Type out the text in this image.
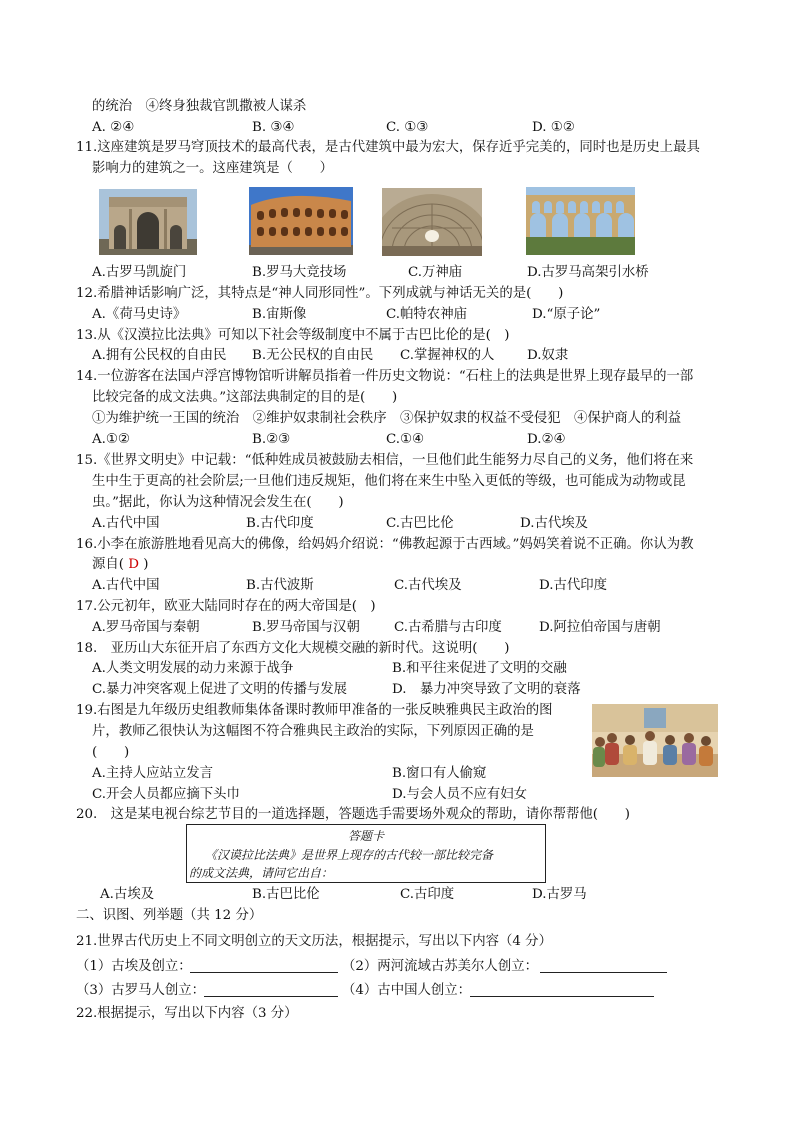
的统治　④终身独裁官凯撒被人谋杀
A. ②④	B. ③④	C. ①③	D. ①②
11.这座建筑是罗马穹顶技术的最高代表，是古代建筑中最为宏大，保存近乎完美的，同时也是历史上最具
影响力的建筑之一。这座建筑是（　　）
A.古罗马凯旋门	B.罗马大竞技场	C.万神庙	D.古罗马高架引水桥
12.希腊神话影响广泛，其特点是“神人同形同性”。下列成就与神话无关的是(　　)
A.《荷马史诗》	B.宙斯像	C.帕特农神庙	D.“原子论”
13.从《汉漠拉比法典》可知以下社会等级制度中不属于古巴比伦的是(　)
A.拥有公民权的自由民 B.无公民权的自由民 C.掌握神权的人 D.奴隶
14.一位游客在法国卢浮宫博物馆听讲解员指着一件历史文物说：“石柱上的法典是世界上现存最早的一部
比较完备的成文法典。”这部法典制定的目的是(　　)
①为维护统一王国的统治　②维护奴隶制社会秩序　③保护奴隶的权益不受侵犯　④保护商人的利益
A.①②	B.②③	C.①④	D.②④
15.《世界文明史》中记载：“低种姓成员被鼓励去相信，一旦他们此生能努力尽自己的义务，他们将在来
生中生于更高的社会阶层;一旦他们违反规矩，他们将在来生中坠入更低的等级，也可能成为动物或昆
虫。”据此，你认为这种情况会发生在(　　)
A.古代中国	B.古代印度	C.古巴比伦	D.古代埃及
16.小李在旅游胜地看见高大的佛像，给妈妈介绍说：“佛教起源于古西域。”妈妈笑着说不正确。你认为教
源自( D )
A.古代中国	B.古代波斯	C.古代埃及	D.古代印度
17.公元初年，欧亚大陆同时存在的两大帝国是(　)
A.罗马帝国与秦朝	B.罗马帝国与汉朝	C.古希腊与古印度	D.阿拉伯帝国与唐朝
18.　亚历山大东征开启了东西方文化大规模交融的新时代。这说明(　　)
A.人类文明发展的动力来源于战争	B.和平往来促进了文明的交融
C.暴力冲突客观上促进了文明的传播与发展	D.　暴力冲突导致了文明的衰落
19.右图是九年级历史组教师集体备课时教师甲准备的一张反映雅典民主政治的图
片，教师乙很快认为这幅图不符合雅典民主政治的实际，下列原因正确的是
(　　)
A.主持人应站立发言	B.窗口有人偷窥
C.开会人员都应摘下头巾	D.与会人员不应有妇女
20.　这是某电视台综艺节目的一道选择题，答题选手需要场外观众的帮助，请你帮帮他(　　)
答题卡
《汉谟拉比法典》是世界上现存的古代较一部比较完备
的成文法典，请问它出自：
A.古埃及	B.古巴比伦	C.古印度	D.古罗马
二、识图、列举题（共 12 分）
21.世界古代历史上不同文明创立的天文历法，根据提示，写出以下内容（4 分）
（1）古埃及创立：	（2）两河流域古苏美尔人创立：
（3）古罗马人创立：	（4）古中国人创立：
22.根据提示，写出以下内容（3 分）
